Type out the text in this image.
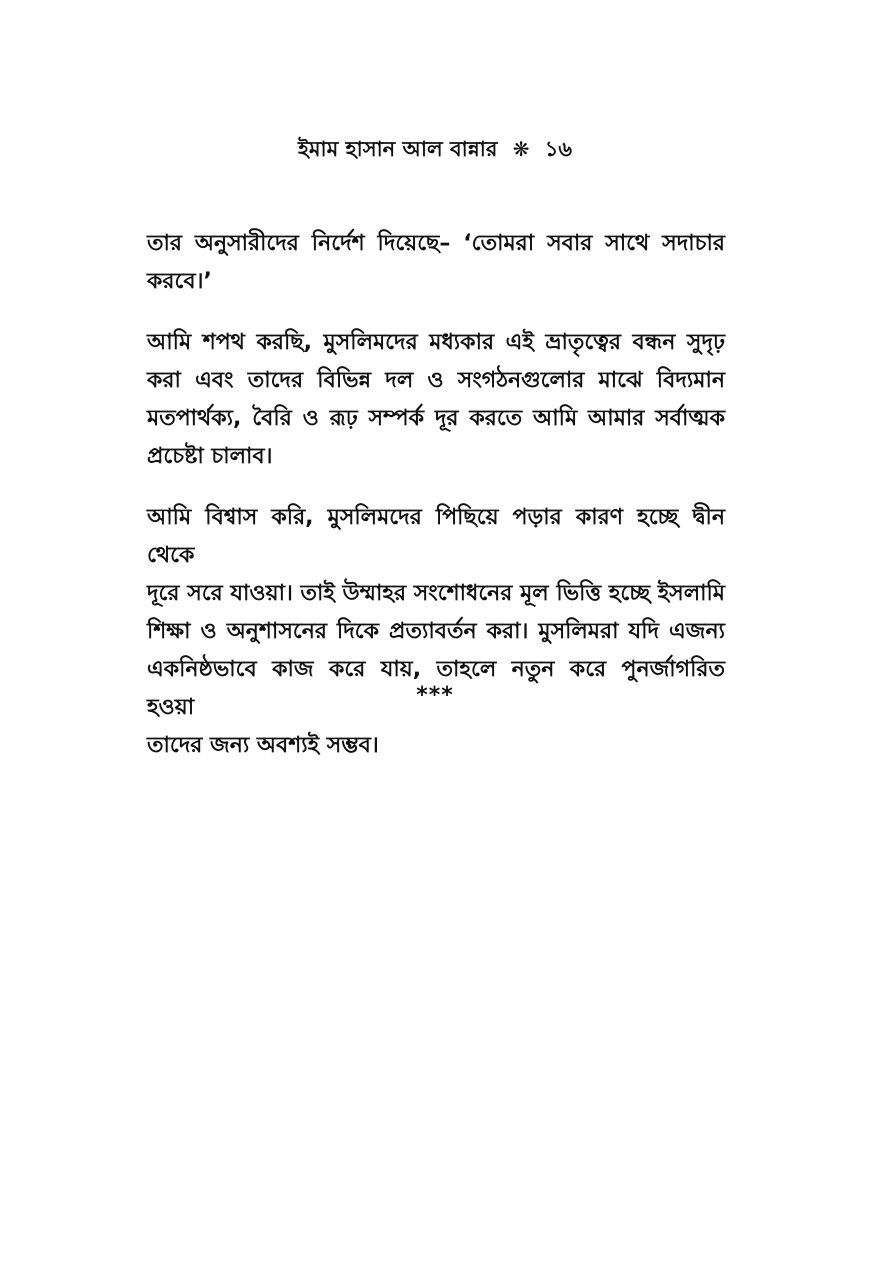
ইমাম হাসান আল বান্নার ❋ ১৬

তার অনুসারীদের নির্দেশ দিয়েছে– ‘তোমরা সবার সাথে সদাচার
করবে।’

আমি শপথ করছি, মুসলিমদের মধ্যকার এই ভ্রাতৃত্বের বন্ধন সুদৃঢ়
করা এবং তাদের বিভিন্ন দল ও সংগঠনগুলোর মাঝে বিদ্যমান
মতপার্থক্য, বৈরি ও রূঢ় সম্পর্ক দূর করতে আমি আমার সর্বাত্মক
প্রচেষ্টা চালাব।

আমি বিশ্বাস করি, মুসলিমদের পিছিয়ে পড়ার কারণ হচ্ছে দ্বীন থেকে
দূরে সরে যাওয়া। তাই উম্মাহর সংশোধনের মূল ভিত্তি হচ্ছে ইসলামি
শিক্ষা ও অনুশাসনের দিকে প্রত্যাবর্তন করা। মুসলিমরা যদি এজন্য
একনিষ্ঠভাবে কাজ করে যায়, তাহলে নতুন করে পুনর্জাগরিত হওয়া
তাদের জন্য অবশ্যই সম্ভব।

***
